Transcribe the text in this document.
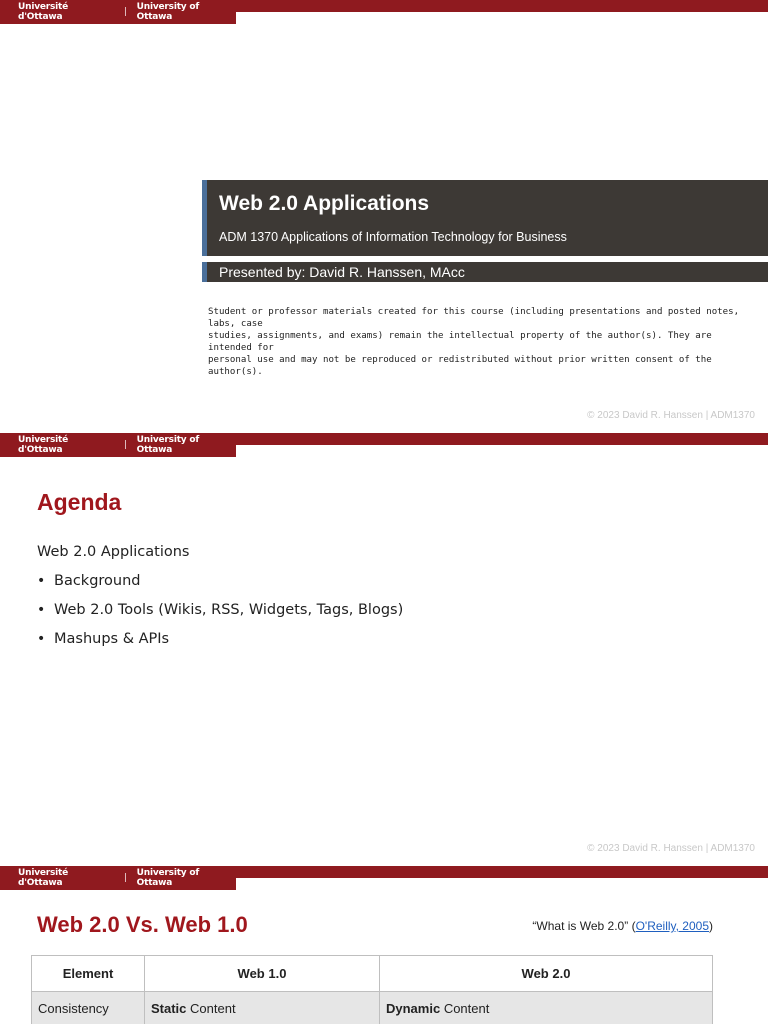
Université d'Ottawa	| University of Ottawa
Web 2.0 Applications
ADM 1370 Applications of Information Technology for Business
Presented by: David R. Hanssen, MAcc
Student or professor materials created for this course (including presentations and posted notes, labs, case
studies, assignments, and exams) remain the intellectual property of the author(s). They are intended for
personal use and may not be reproduced or redistributed without prior written consent of the author(s).
© 2023 David R. Hanssen | ADM1370
Université d'Ottawa	| University of Ottawa
Agenda
Web 2.0 Applications
• Background
• Web 2.0 Tools (Wikis, RSS, Widgets, Tags, Blogs)
• Mashups & APIs
© 2023 David R. Hanssen | ADM1370
Université d'Ottawa	| University of Ottawa
Web 2.0 Vs. Web 1.0	“What is Web 2.0” (O'Reilly, 2005)
Element	Web 1.0	Web 2.0
Consistency	Static Content	Dynamic Content
